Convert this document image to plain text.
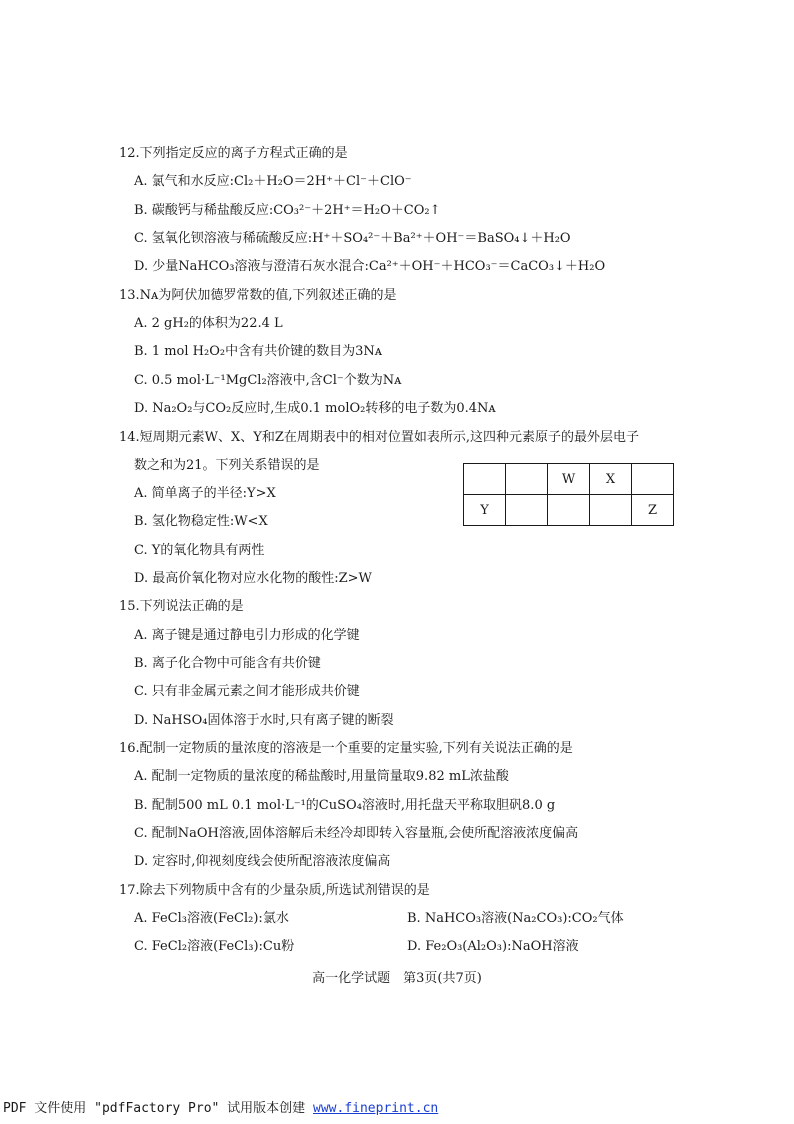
12.下列指定反应的离子方程式正确的是
A. 氯气和水反应:Cl₂＋H₂O＝2H⁺＋Cl⁻＋ClO⁻
B. 碳酸钙与稀盐酸反应:CO₃²⁻＋2H⁺＝H₂O＋CO₂↑
C. 氢氧化钡溶液与稀硫酸反应:H⁺＋SO₄²⁻＋Ba²⁺＋OH⁻＝BaSO₄↓＋H₂O
D. 少量NaHCO₃溶液与澄清石灰水混合:Ca²⁺＋OH⁻＋HCO₃⁻＝CaCO₃↓＋H₂O
13.Nᴀ为阿伏加德罗常数的值,下列叙述正确的是
A. 2 gH₂的体积为22.4 L
B. 1 mol H₂O₂中含有共价键的数目为3Nᴀ
C. 0.5 mol·L⁻¹MgCl₂溶液中,含Cl⁻个数为Nᴀ
D. Na₂O₂与CO₂反应时,生成0.1 molO₂转移的电子数为0.4Nᴀ
14.短周期元素W、X、Y和Z在周期表中的相对位置如表所示,这四种元素原子的最外层电子
数之和为21。下列关系错误的是
A. 简单离子的半径:Y>X
B. 氢化物稳定性:W<X
C. Y的氧化物具有两性
D. 最高价氧化物对应水化物的酸性:Z>W
		W	X	
Y				Z
15.下列说法正确的是
A. 离子键是通过静电引力形成的化学键
B. 离子化合物中可能含有共价键
C. 只有非金属元素之间才能形成共价键
D. NaHSO₄固体溶于水时,只有离子键的断裂
16.配制一定物质的量浓度的溶液是一个重要的定量实验,下列有关说法正确的是
A. 配制一定物质的量浓度的稀盐酸时,用量筒量取9.82 mL浓盐酸
B. 配制500 mL 0.1 mol·L⁻¹的CuSO₄溶液时,用托盘天平称取胆矾8.0 g
C. 配制NaOH溶液,固体溶解后未经冷却即转入容量瓶,会使所配溶液浓度偏高
D. 定容时,仰视刻度线会使所配溶液浓度偏高
17.除去下列物质中含有的少量杂质,所选试剂错误的是
A. FeCl₃溶液(FeCl₂):氯水	B. NaHCO₃溶液(Na₂CO₃):CO₂气体
C. FeCl₂溶液(FeCl₃):Cu粉	D. Fe₂O₃(Al₂O₃):NaOH溶液
高一化学试题　第3页(共7页)
PDF 文件使用 "pdfFactory Pro" 试用版本创建 www.fineprint.cn
